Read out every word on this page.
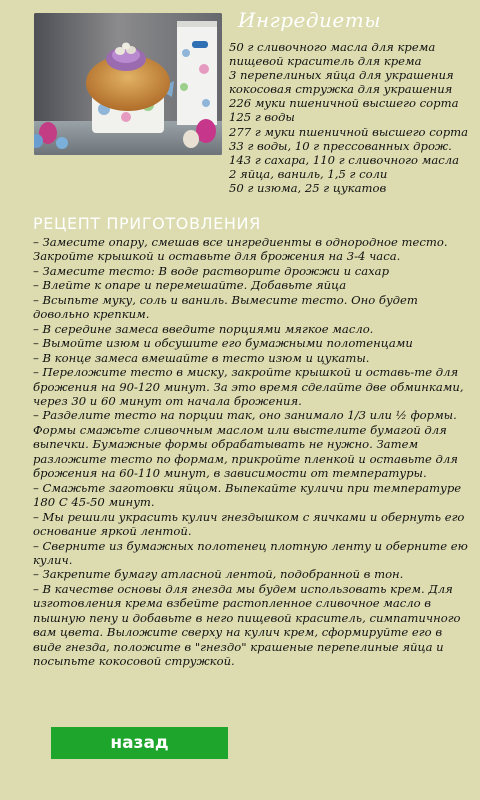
Ингредиеты
50 г сливочного масла для крема
пищевой краситель для крема
3 перепелиных яйца для украшения
кокосовая стружка для украшения
226 муки пшеничной высшего сорта
125 г воды
277 г муки пшеничной высшего сорта
33 г воды, 10 г прессованных дрож.
143 г сахара, 110 г сливочного масла
2 яйца, ваниль, 1,5 г соли
50 г изюма, 25 г цукатов
РЕЦЕПТ ПРИГОТОВЛЕНИЯ
– Замесите опару, смешав все ингредиенты в однородное тесто. Закройте крышкой и оставьте для брожения на 3-4 часа.
– Замесите тесто: В воде растворите дрожжи и сахар
– Влейте к опаре и перемешайте. Добавьте яйца
– Всыпьте муку, соль и ваниль. Вымесите тесто. Оно будет довольно крепким.
– В середине замеса введите порциями мягкое масло.
– Вымойте изюм и обсушите его бумажными полотенцами
– В конце замеса вмешайте в тесто изюм и цукаты.
– Переложите тесто в миску, закройте крышкой и оставь-те для брожения на 90-120 минут. За это время сделайте две обминками, через 30 и 60 минут от начала брожения.
– Разделите тесто на порции так, оно занимало 1/3 или ½ формы. Формы смажьте сливочным маслом или выстелите бумагой для выпечки. Бумажные формы обрабатывать не нужно. Затем разложите тесто по формам, прикройте пленкой и оставьте для брожения на 60-110 минут, в зависимости от температуры.
– Смажьте заготовки яйцом. Выпекайте куличи при температуре 180 С 45-50 минут.
– Мы решили украсить кулич гнездышком с яичками и обернуть его основание яркой лентой.
– Сверните из бумажных полотенец плотную ленту и оберните ею кулич.
– Закрепите бумагу атласной лентой, подобранной в тон.
– В качестве основы для гнезда мы будем использовать крем. Для изготовления крема взбейте растопленное сливочное масло в пышную пену и добавьте в него пищевой краситель, симпатичного вам цвета. Выложите сверху на кулич крем, сформируйте его в виде гнезда, положите в "гнездо" крашеные перепелиные яйца и посыпьте кокосовой стружкой.
назад
